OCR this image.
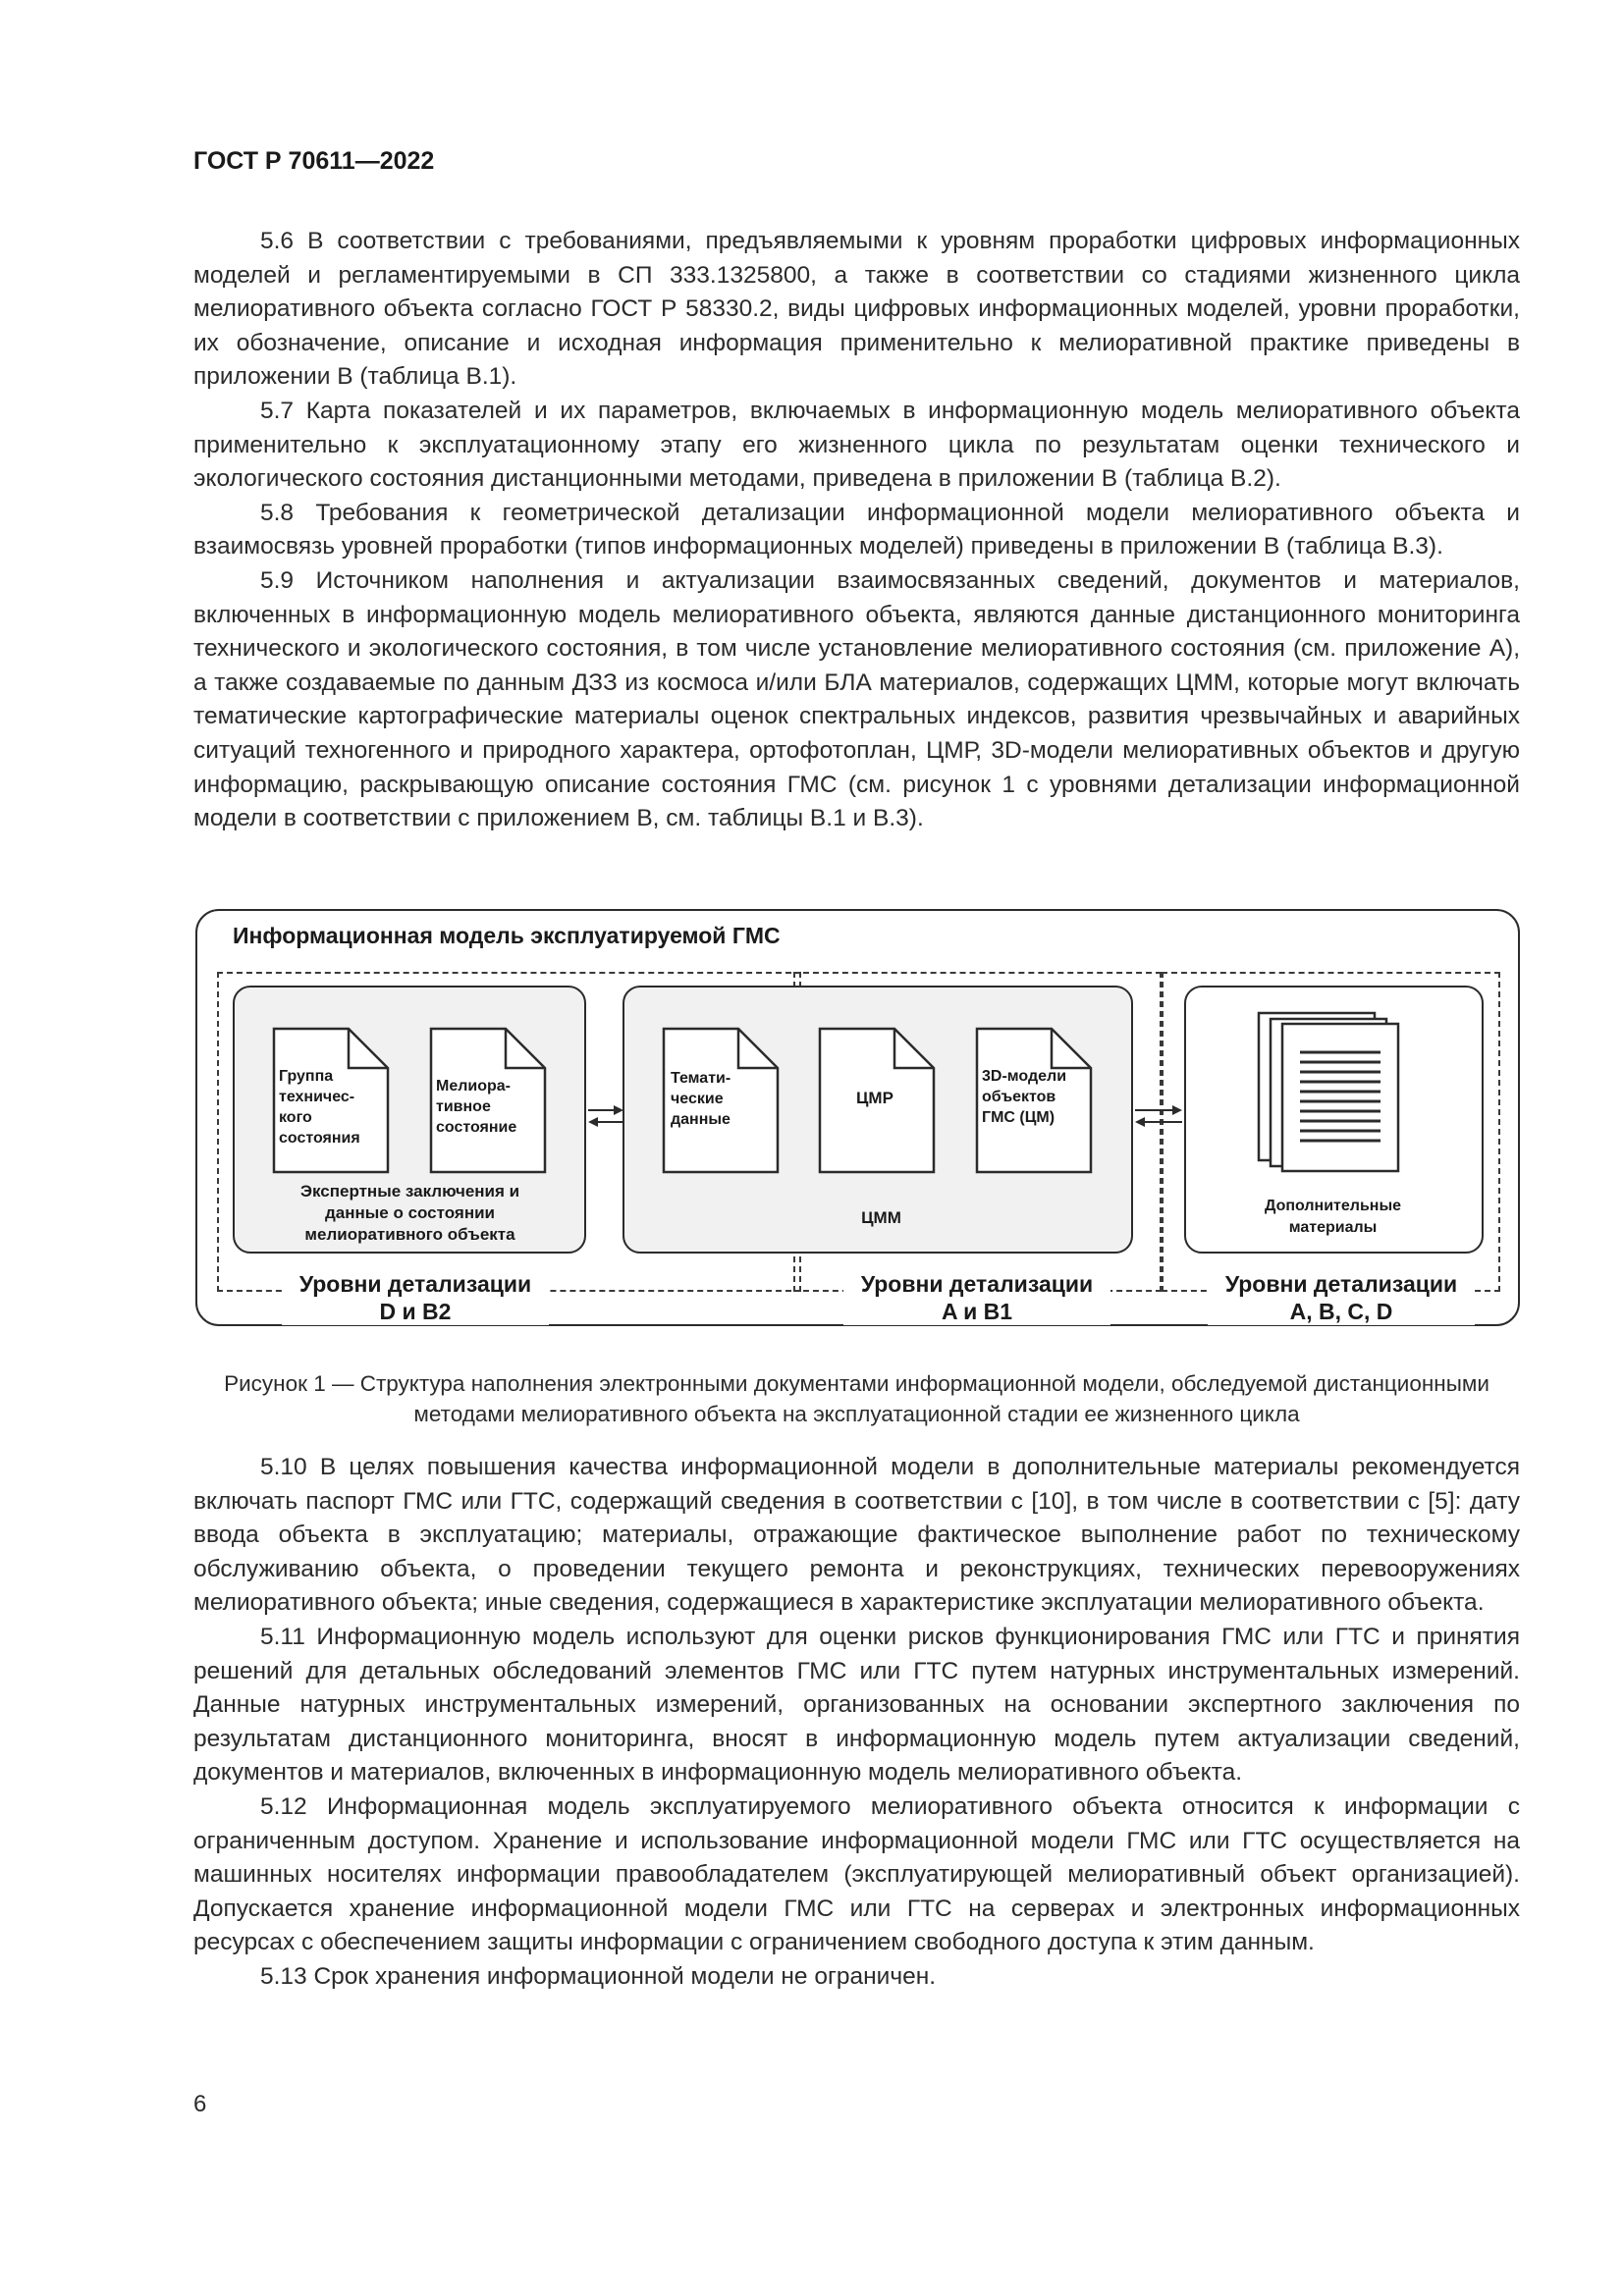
ГОСТ Р 70611—2022

5.6 В соответствии с требованиями, предъявляемыми к уровням проработки цифровых информационных моделей и регламентируемыми в СП 333.1325800, а также в соответствии со стадиями жизненного цикла мелиоративного объекта согласно ГОСТ Р 58330.2, виды цифровых информационных моделей, уровни проработки, их обозначение, описание и исходная информация применительно к мелиоративной практике приведены в приложении В (таблица В.1).

5.7 Карта показателей и их параметров, включаемых в информационную модель мелиоративного объекта применительно к эксплуатационному этапу его жизненного цикла по результатам оценки технического и экологического состояния дистанционными методами, приведена в приложении В (таблица В.2).

5.8 Требования к геометрической детализации информационной модели мелиоративного объекта и взаимосвязь уровней проработки (типов информационных моделей) приведены в приложении В (таблица В.3).

5.9 Источником наполнения и актуализации взаимосвязанных сведений, документов и материалов, включенных в информационную модель мелиоративного объекта, являются данные дистанционного мониторинга технического и экологического состояния, в том числе установление мелиоративного состояния (см. приложение А), а также создаваемые по данным ДЗЗ из космоса и/или БЛА материалов, содержащих ЦММ, которые могут включать тематические картографические материалы оценок спектральных индексов, развития чрезвычайных и аварийных ситуаций техногенного и природного характера, ортофотоплан, ЦМР, 3D-модели мелиоративных объектов и другую информацию, раскрывающую описание состояния ГМС (см. рисунок 1 с уровнями детализации информационной модели в соответствии с приложением В, см. таблицы В.1 и В.3).

Информационная модель эксплуатируемой ГМС
Группа техничес-кого состояния
Мелиора-тивное состояние
Темати-ческие данные
ЦМР
3D-модели объектов ГМС (ЦМ)
Экспертные заключения и данные о состоянии мелиоративного объекта
ЦММ
Дополнительные материалы
Уровни детализации
D и B2
Уровни детализации
A и B1
Уровни детализации
A, B, C, D
Рисунок 1 — Структура наполнения электронными документами информационной модели, обследуемой дистанционными методами мелиоративного объекта на эксплуатационной стадии ее жизненного цикла

5.10 В целях повышения качества информационной модели в дополнительные материалы рекомендуется включать паспорт ГМС или ГТС, содержащий сведения в соответствии с [10], в том числе в соответствии с [5]: дату ввода объекта в эксплуатацию; материалы, отражающие фактическое выполнение работ по техническому обслуживанию объекта, о проведении текущего ремонта и реконструкциях, технических перевооружениях мелиоративного объекта; иные сведения, содержащиеся в характеристике эксплуатации мелиоративного объекта.

5.11 Информационную модель используют для оценки рисков функционирования ГМС или ГТС и принятия решений для детальных обследований элементов ГМС или ГТС путем натурных инструментальных измерений. Данные натурных инструментальных измерений, организованных на основании экспертного заключения по результатам дистанционного мониторинга, вносят в информационную модель путем актуализации сведений, документов и материалов, включенных в информационную модель мелиоративного объекта.

5.12 Информационная модель эксплуатируемого мелиоративного объекта относится к информации с ограниченным доступом. Хранение и использование информационной модели ГМС или ГТС осуществляется на машинных носителях информации правообладателем (эксплуатирующей мелиоративный объект организацией). Допускается хранение информационной модели ГМС или ГТС на серверах и электронных информационных ресурсах с обеспечением защиты информации с ограничением свободного доступа к этим данным.

5.13 Срок хранения информационной модели не ограничен.

6
